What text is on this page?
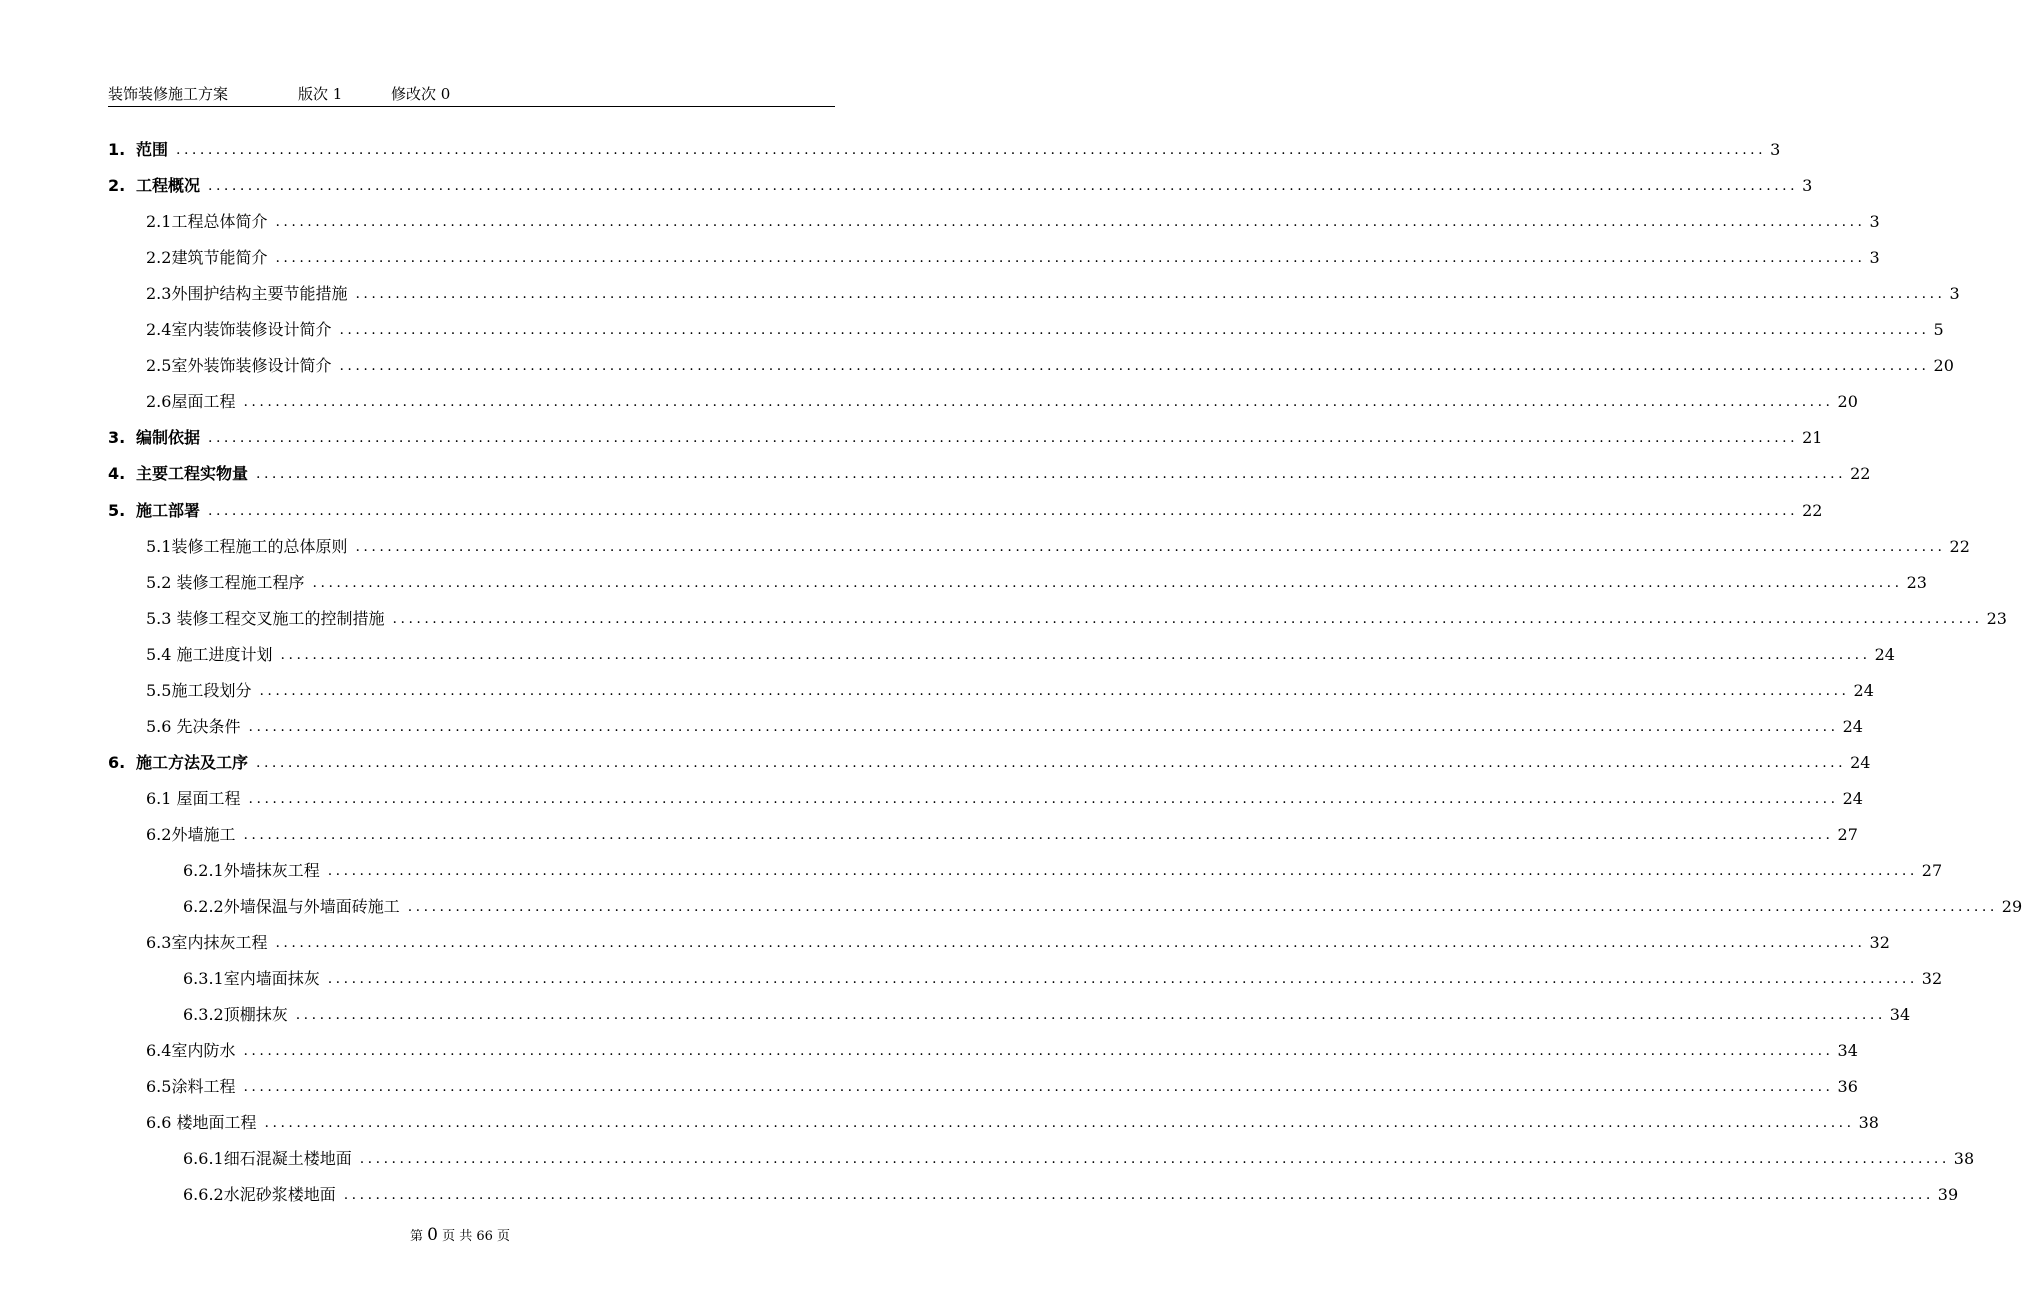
装饰装修施工方案	版次 1	修改次 0
1. 范围 ........................................................................................................................................................................................................ 3
2. 工程概况 ........................................................................................................................................................................................................ 3
2.1工程总体简介 ........................................................................................................................................................................................................ 3
2.2建筑节能简介 ........................................................................................................................................................................................................ 3
2.3外围护结构主要节能措施 ........................................................................................................................................................................................................ 3
2.4室内装饰装修设计简介 ........................................................................................................................................................................................................ 5
2.5室外装饰装修设计简介 ........................................................................................................................................................................................................ 20
2.6屋面工程 ........................................................................................................................................................................................................ 20
3. 编制依据 ........................................................................................................................................................................................................ 21
4. 主要工程实物量 ........................................................................................................................................................................................................ 22
5. 施工部署 ........................................................................................................................................................................................................ 22
5.1装修工程施工的总体原则 ........................................................................................................................................................................................................ 22
5.2 装修工程施工程序 ........................................................................................................................................................................................................ 23
5.3 装修工程交叉施工的控制措施 ........................................................................................................................................................................................................ 23
5.4 施工进度计划 ........................................................................................................................................................................................................ 24
5.5施工段划分 ........................................................................................................................................................................................................ 24
5.6 先决条件 ........................................................................................................................................................................................................ 24
6. 施工方法及工序 ........................................................................................................................................................................................................ 24
6.1 屋面工程 ........................................................................................................................................................................................................ 24
6.2外墙施工 ........................................................................................................................................................................................................ 27
6.2.1外墙抹灰工程 ........................................................................................................................................................................................................ 27
6.2.2外墙保温与外墙面砖施工 ........................................................................................................................................................................................................ 29
6.3室内抹灰工程 ........................................................................................................................................................................................................ 32
6.3.1室内墙面抹灰 ........................................................................................................................................................................................................ 32
6.3.2顶棚抹灰 ........................................................................................................................................................................................................ 34
6.4室内防水 ........................................................................................................................................................................................................ 34
6.5涂料工程 ........................................................................................................................................................................................................ 36
6.6 楼地面工程 ........................................................................................................................................................................................................ 38
6.6.1细石混凝土楼地面 ........................................................................................................................................................................................................ 38
6.6.2水泥砂浆楼地面 ........................................................................................................................................................................................................ 39
第 0 页 共 66 页
